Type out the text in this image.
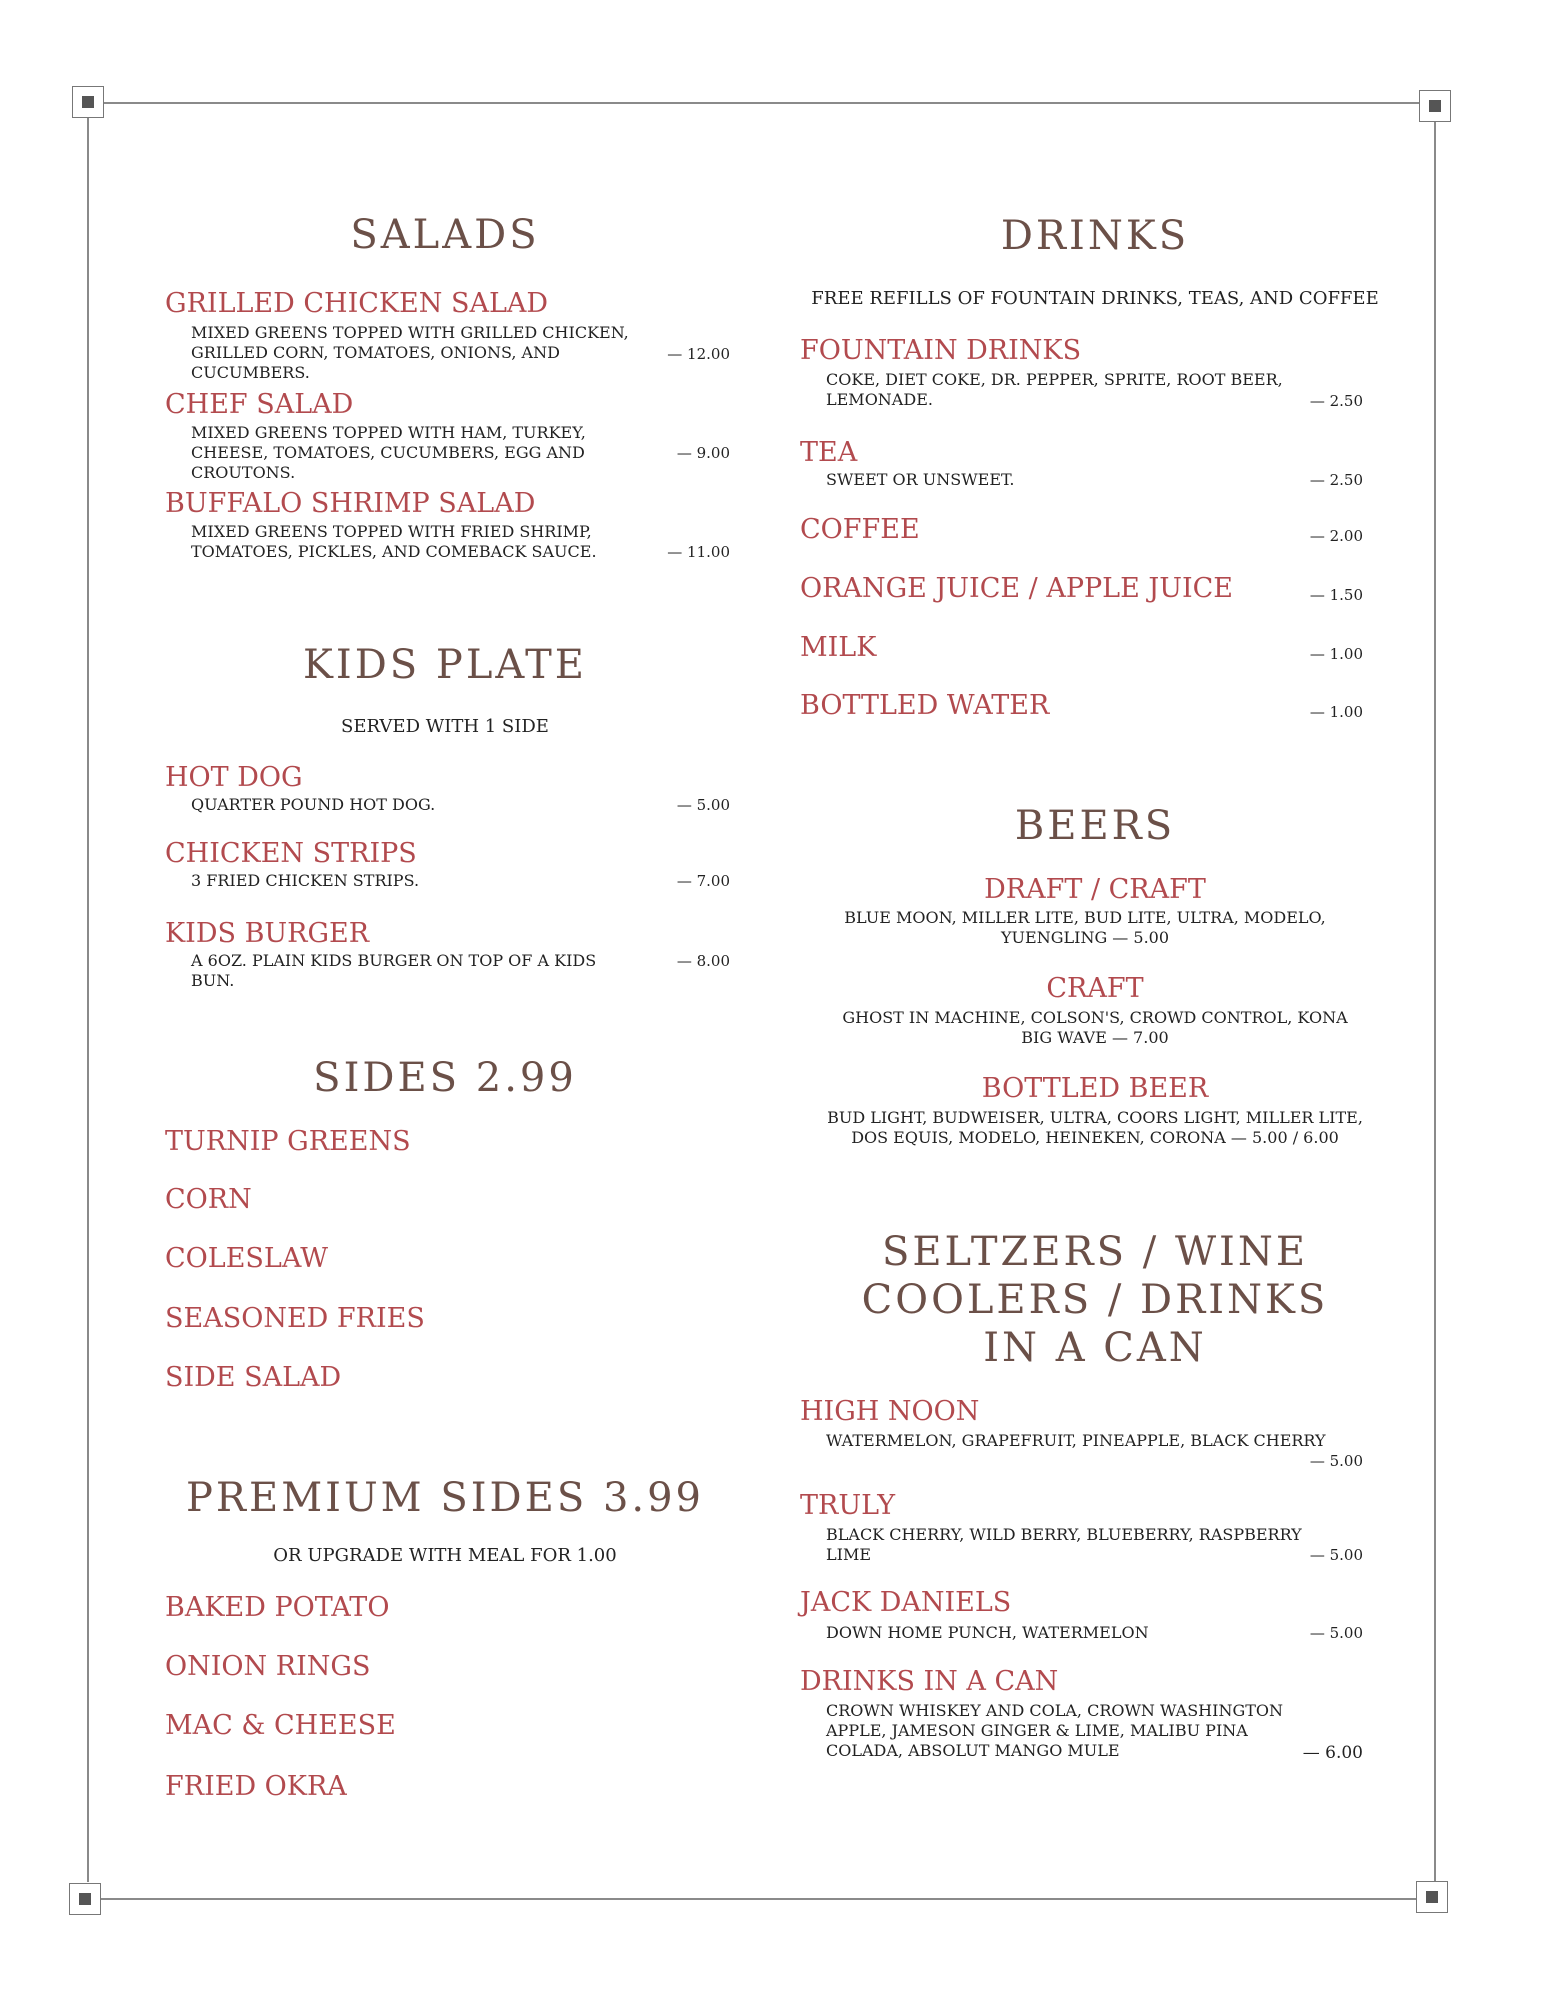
SALADS
GRILLED CHICKEN SALAD
MIXED GREENS TOPPED WITH GRILLED CHICKEN, GRILLED CORN, TOMATOES, ONIONS, AND CUCUMBERS.
— 12.00
CHEF SALAD
MIXED GREENS TOPPED WITH HAM, TURKEY, CHEESE, TOMATOES, CUCUMBERS, EGG AND CROUTONS.
— 9.00
BUFFALO SHRIMP SALAD
MIXED GREENS TOPPED WITH FRIED SHRIMP, TOMATOES, PICKLES, AND COMEBACK SAUCE.	— 11.00
KIDS PLATE
SERVED WITH 1 SIDE
HOT DOG
QUARTER POUND HOT DOG.	— 5.00
CHICKEN STRIPS
3 FRIED CHICKEN STRIPS.	— 7.00
KIDS BURGER
A 6OZ. PLAIN KIDS BURGER ON TOP OF A KIDS BUN.
— 8.00
SIDES 2.99
TURNIP GREENS
CORN
COLESLAW
SEASONED FRIES
SIDE SALAD
PREMIUM SIDES 3.99
OR UPGRADE WITH MEAL FOR 1.00
BAKED POTATO
ONION RINGS
MAC & CHEESE
FRIED OKRA
DRINKS
FREE REFILLS OF FOUNTAIN DRINKS, TEAS, AND COFFEE
FOUNTAIN DRINKS
COKE, DIET COKE, DR. PEPPER, SPRITE, ROOT BEER, LEMONADE.	— 2.50
TEA
SWEET OR UNSWEET.	— 2.50
COFFEE	— 2.00
ORANGE JUICE / APPLE JUICE	— 1.50
MILK	— 1.00
BOTTLED WATER	— 1.00
BEERS
DRAFT / CRAFT
BLUE MOON, MILLER LITE, BUD LITE, ULTRA, MODELO, YUENGLING — 5.00
CRAFT
GHOST IN MACHINE, COLSON'S, CROWD CONTROL, KONA BIG WAVE — 7.00
BOTTLED BEER
BUD LIGHT, BUDWEISER, ULTRA, COORS LIGHT, MILLER LITE, DOS EQUIS, MODELO, HEINEKEN, CORONA — 5.00 / 6.00
SELTZERS / WINE COOLERS / DRINKS IN A CAN
HIGH NOON
WATERMELON, GRAPEFRUIT, PINEAPPLE, BLACK CHERRY
— 5.00
TRULY
BLACK CHERRY, WILD BERRY, BLUEBERRY, RASPBERRY LIME	— 5.00
JACK DANIELS
DOWN HOME PUNCH, WATERMELON	— 5.00
DRINKS IN A CAN
CROWN WHISKEY AND COLA, CROWN WASHINGTON APPLE, JAMESON GINGER & LIME, MALIBU PINA COLADA, ABSOLUT MANGO MULE	— 6.00
